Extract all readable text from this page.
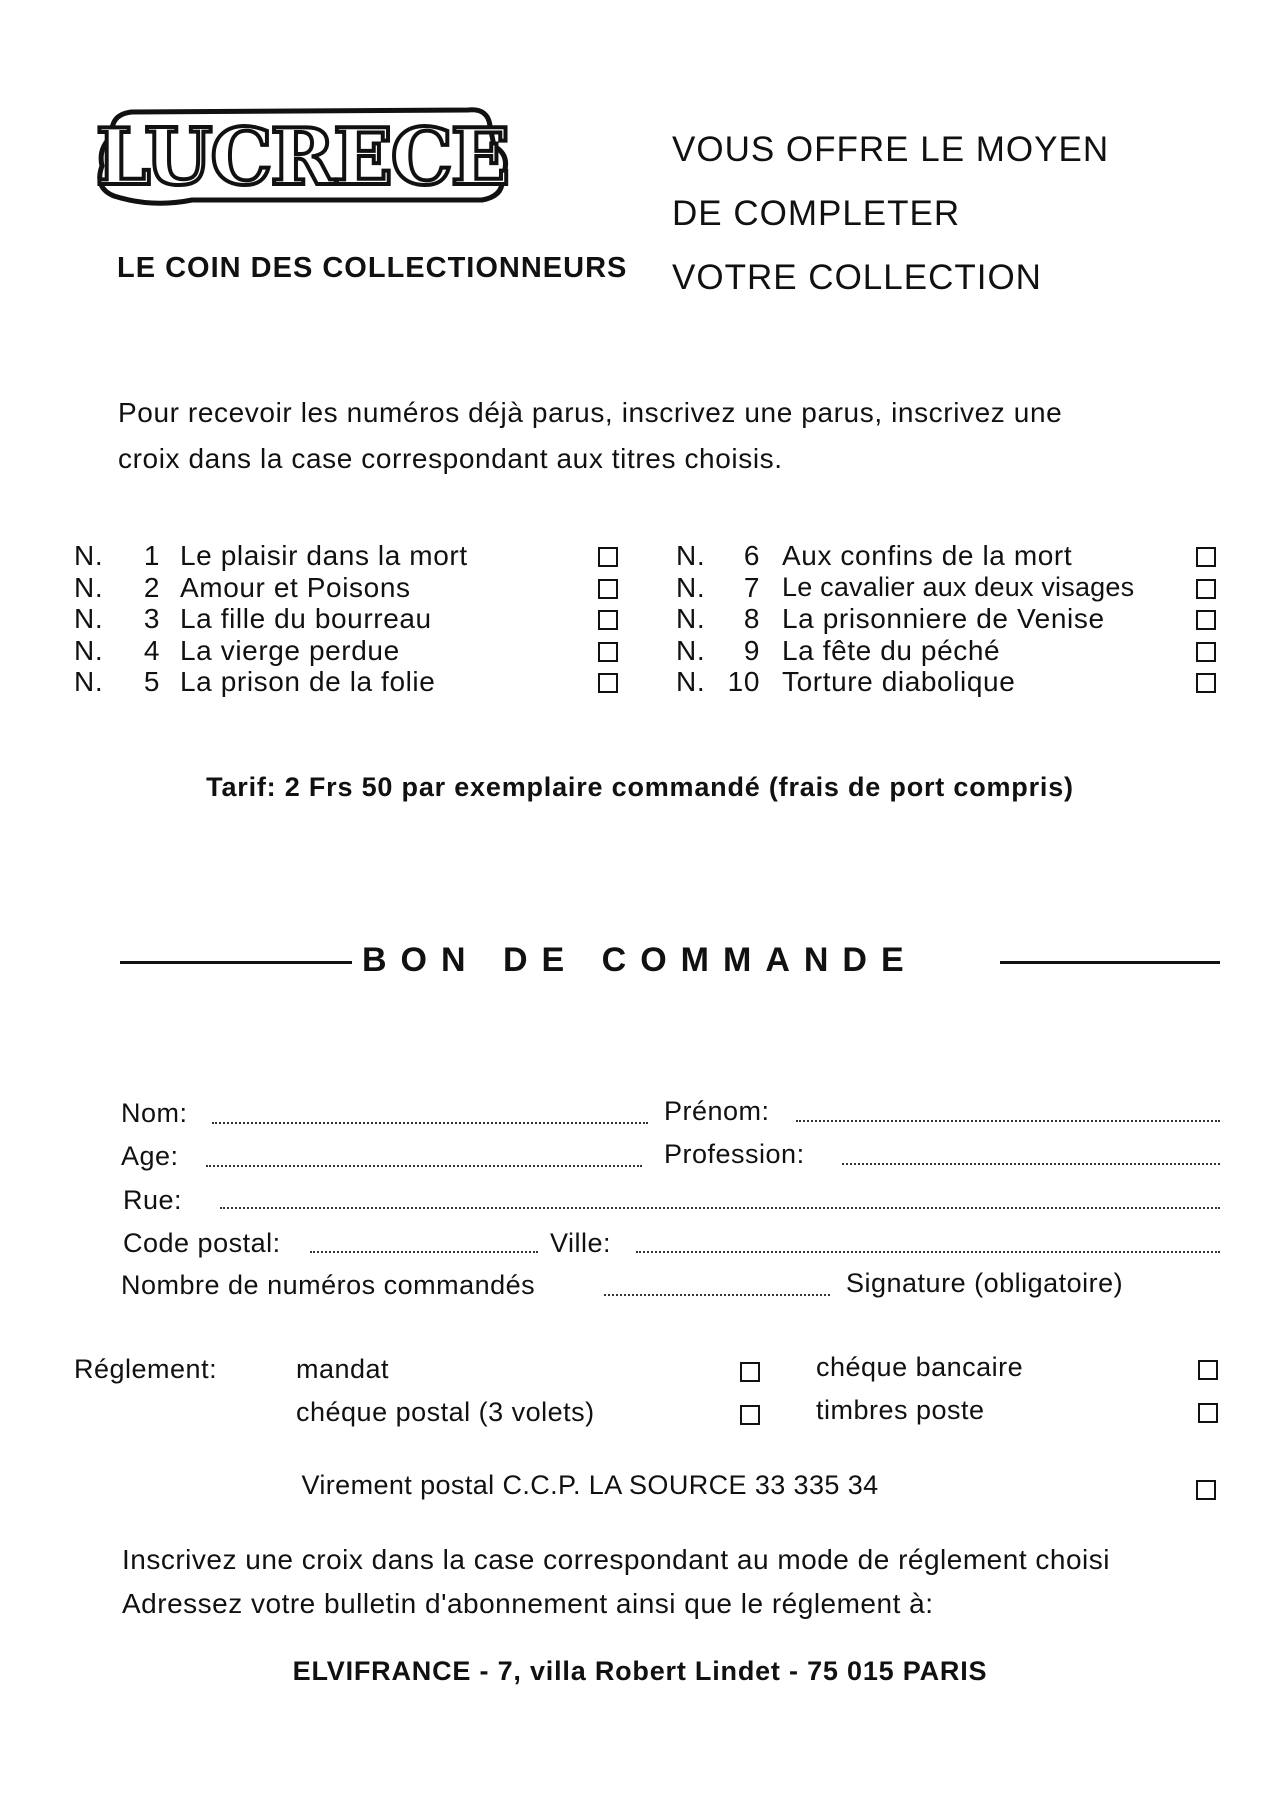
LUCRECE
LE COIN DES COLLECTIONNEURS
VOUS OFFRE LE MOYEN
DE COMPLETER
VOTRE COLLECTION
Pour recevoir les numéros déjà parus, inscrivez une parus, inscrivez une
croix dans la case correspondant aux titres choisis.
N.	1 Le plaisir dans la mort
N.	2 Amour et Poisons
N.	3 La fille du bourreau
N.	4 La vierge perdue
N.	5 La prison de la folie
N.	6 Aux confins de la mort
N.	7 Le cavalier aux deux visages
N.	8 La prisonniere de Venise
N.	9 La fête du péché
N. 10 Torture diabolique
Tarif: 2 Frs 50 par exemplaire commandé (frais de port compris)
BON DE COMMANDE
Nom:	Prénom:
Age:	Profession:
Rue:
Code postal:	Ville:
Nombre de numéros commandés	Signature (obligatoire)
Réglement:	mandat	chéque bancaire
chéque postal (3 volets)	timbres poste
Virement postal C.C.P. LA SOURCE 33 335 34
Inscrivez une croix dans la case correspondant au mode de réglement choisi
Adressez votre bulletin d'abonnement ainsi que le réglement à:
ELVIFRANCE - 7, villa Robert Lindet - 75 015 PARIS
